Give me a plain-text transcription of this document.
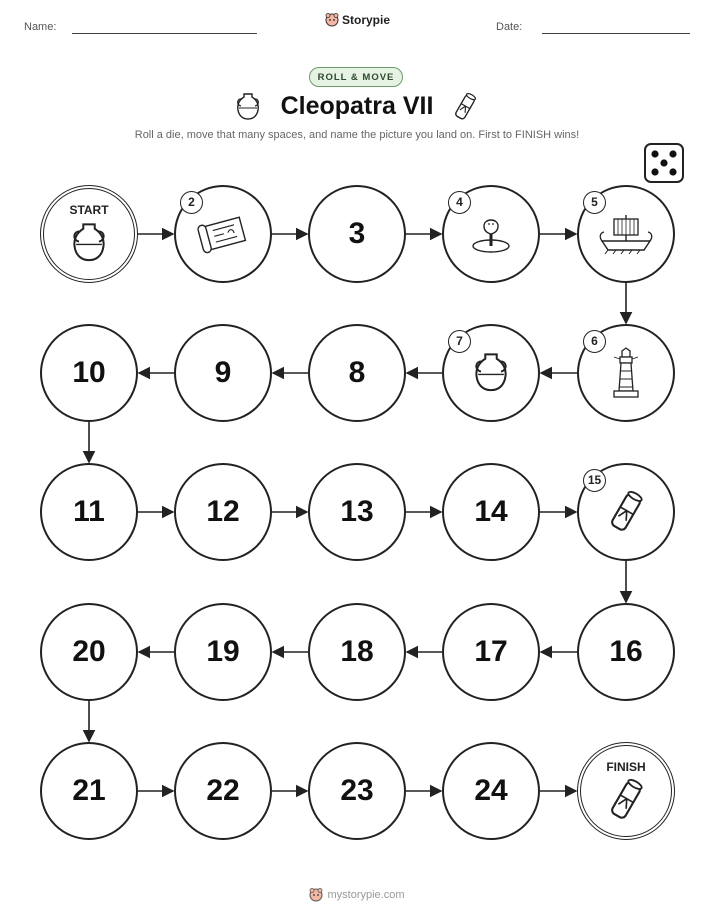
Name:	Storypie	Date:
ROLL & MOVE
Cleopatra VII
Roll a die, move that many spaces, and name the picture you land on. First to FINISH wins!
START
2
3
4	5
6
7
8
9
10
11	12	13	14
15
16
17
18
19
20
21	22	23	24
FINISH
mystorypie.com
